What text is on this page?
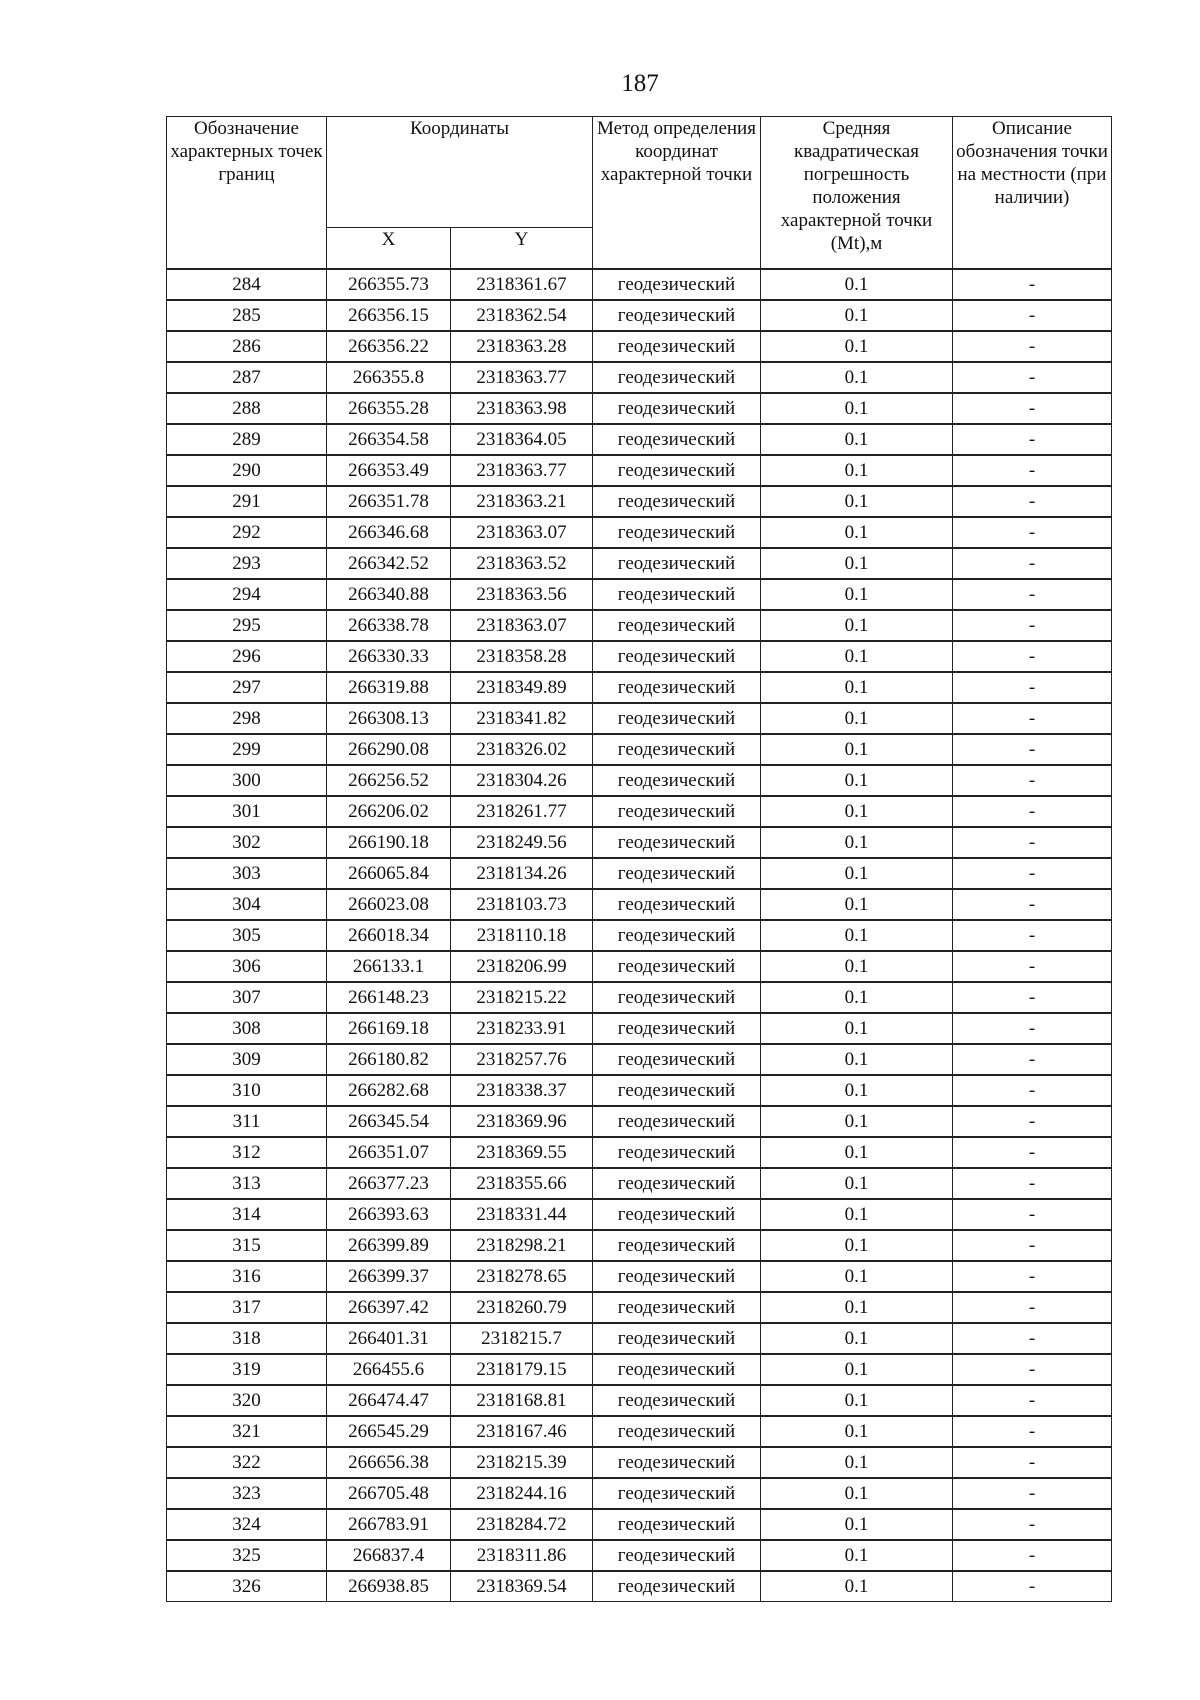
187
Обозначение характерных точек границ	Координаты		Метод определения координат характерной точки	Средняя квадратическая погрешность положения характерной точки (Mt),м	Описание обозначения точки на местности (при наличии)
	X	Y			
284	266355.73	2318361.67	геодезический	0.1	-
285	266356.15	2318362.54	геодезический	0.1	-
286	266356.22	2318363.28	геодезический	0.1	-
287	266355.8	2318363.77	геодезический	0.1	-
288	266355.28	2318363.98	геодезический	0.1	-
289	266354.58	2318364.05	геодезический	0.1	-
290	266353.49	2318363.77	геодезический	0.1	-
291	266351.78	2318363.21	геодезический	0.1	-
292	266346.68	2318363.07	геодезический	0.1	-
293	266342.52	2318363.52	геодезический	0.1	-
294	266340.88	2318363.56	геодезический	0.1	-
295	266338.78	2318363.07	геодезический	0.1	-
296	266330.33	2318358.28	геодезический	0.1	-
297	266319.88	2318349.89	геодезический	0.1	-
298	266308.13	2318341.82	геодезический	0.1	-
299	266290.08	2318326.02	геодезический	0.1	-
300	266256.52	2318304.26	геодезический	0.1	-
301	266206.02	2318261.77	геодезический	0.1	-
302	266190.18	2318249.56	геодезический	0.1	-
303	266065.84	2318134.26	геодезический	0.1	-
304	266023.08	2318103.73	геодезический	0.1	-
305	266018.34	2318110.18	геодезический	0.1	-
306	266133.1	2318206.99	геодезический	0.1	-
307	266148.23	2318215.22	геодезический	0.1	-
308	266169.18	2318233.91	геодезический	0.1	-
309	266180.82	2318257.76	геодезический	0.1	-
310	266282.68	2318338.37	геодезический	0.1	-
311	266345.54	2318369.96	геодезический	0.1	-
312	266351.07	2318369.55	геодезический	0.1	-
313	266377.23	2318355.66	геодезический	0.1	-
314	266393.63	2318331.44	геодезический	0.1	-
315	266399.89	2318298.21	геодезический	0.1	-
316	266399.37	2318278.65	геодезический	0.1	-
317	266397.42	2318260.79	геодезический	0.1	-
318	266401.31	2318215.7	геодезический	0.1	-
319	266455.6	2318179.15	геодезический	0.1	-
320	266474.47	2318168.81	геодезический	0.1	-
321	266545.29	2318167.46	геодезический	0.1	-
322	266656.38	2318215.39	геодезический	0.1	-
323	266705.48	2318244.16	геодезический	0.1	-
324	266783.91	2318284.72	геодезический	0.1	-
325	266837.4	2318311.86	геодезический	0.1	-
326	266938.85	2318369.54	геодезический	0.1	-
